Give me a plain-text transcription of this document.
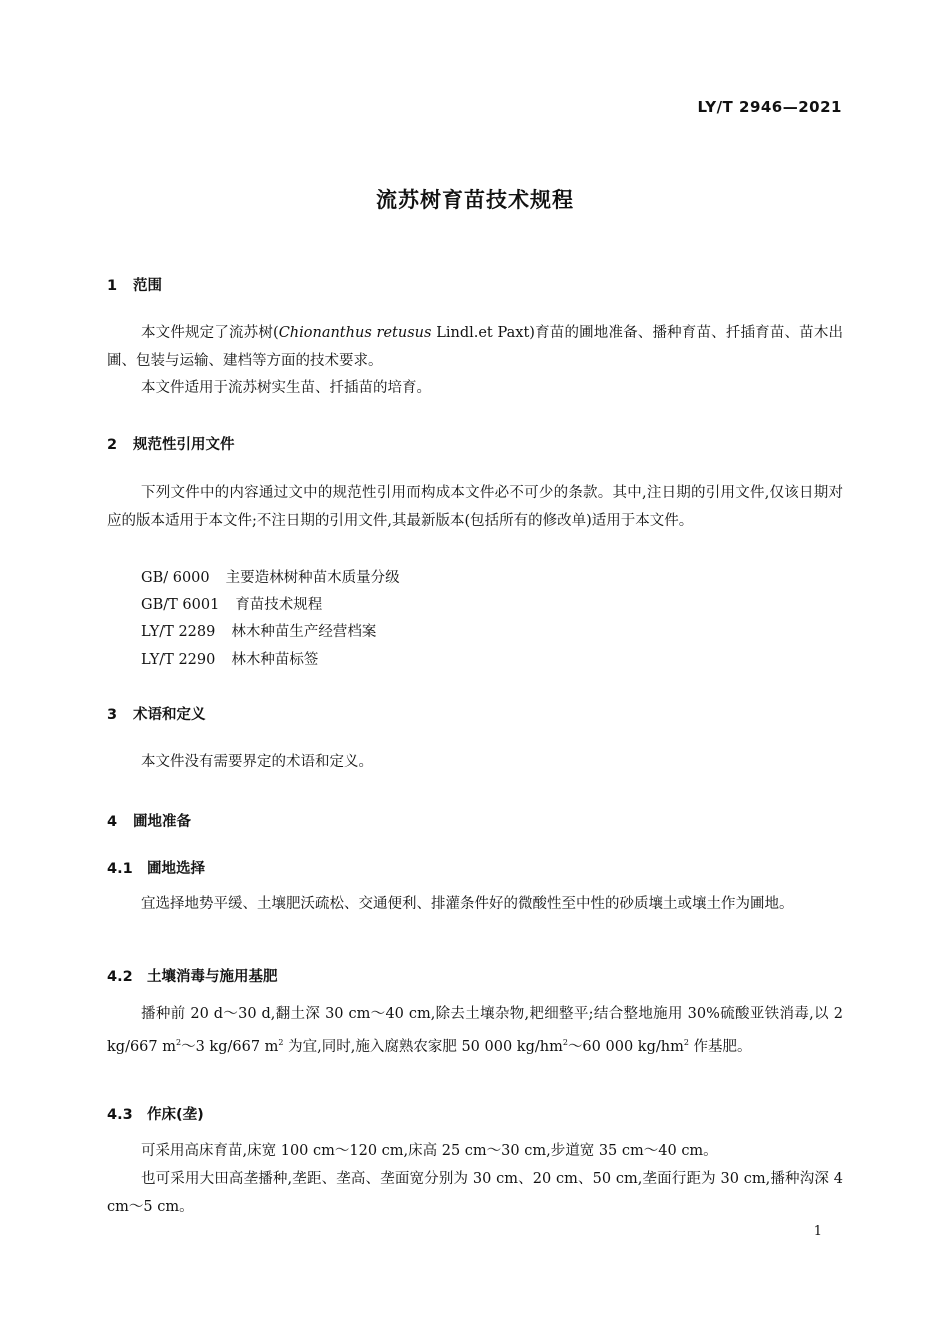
LY/T 2946—2021
流苏树育苗技术规程
1 范围
本文件规定了流苏树(Chionanthus retusus Lindl.et Paxt)育苗的圃地准备、播种育苗、扦插育苗、苗木出圃、包装与运输、建档等方面的技术要求。
本文件适用于流苏树实生苗、扦插苗的培育。
2 规范性引用文件
下列文件中的内容通过文中的规范性引用而构成本文件必不可少的条款。其中,注日期的引用文件,仅该日期对应的版本适用于本文件;不注日期的引用文件,其最新版本(包括所有的修改单)适用于本文件。
GB/ 6000 主要造林树种苗木质量分级
GB/T 6001 育苗技术规程
LY/T 2289 林木种苗生产经营档案
LY/T 2290 林木种苗标签
3 术语和定义
本文件没有需要界定的术语和定义。
4 圃地准备
4.1 圃地选择
宜选择地势平缓、土壤肥沃疏松、交通便利、排灌条件好的微酸性至中性的砂质壤土或壤土作为圃地。
4.2 土壤消毒与施用基肥
播种前 20 d～30 d,翻土深 30 cm～40 cm,除去土壤杂物,耙细整平;结合整地施用 30%硫酸亚铁消毒,以 2 kg/667 $m^2\sim 3$ kg/667 $m^2$ 为宜,同时,施入腐熟农家肥 50 000 $kg/hm^2\sim 60$ 000 $kg/hm^2$ 作基肥。
4.3 作床(垄)
可采用高床育苗,床宽 100 cm～120 cm,床高 25 cm～30 cm,步道宽 35 cm～40 cm。
也可采用大田高垄播种,垄距、垄高、垄面宽分别为 30 cm、20 cm、50 cm,垄面行距为 30 cm,播种沟深 4 cm～5 cm。
1
